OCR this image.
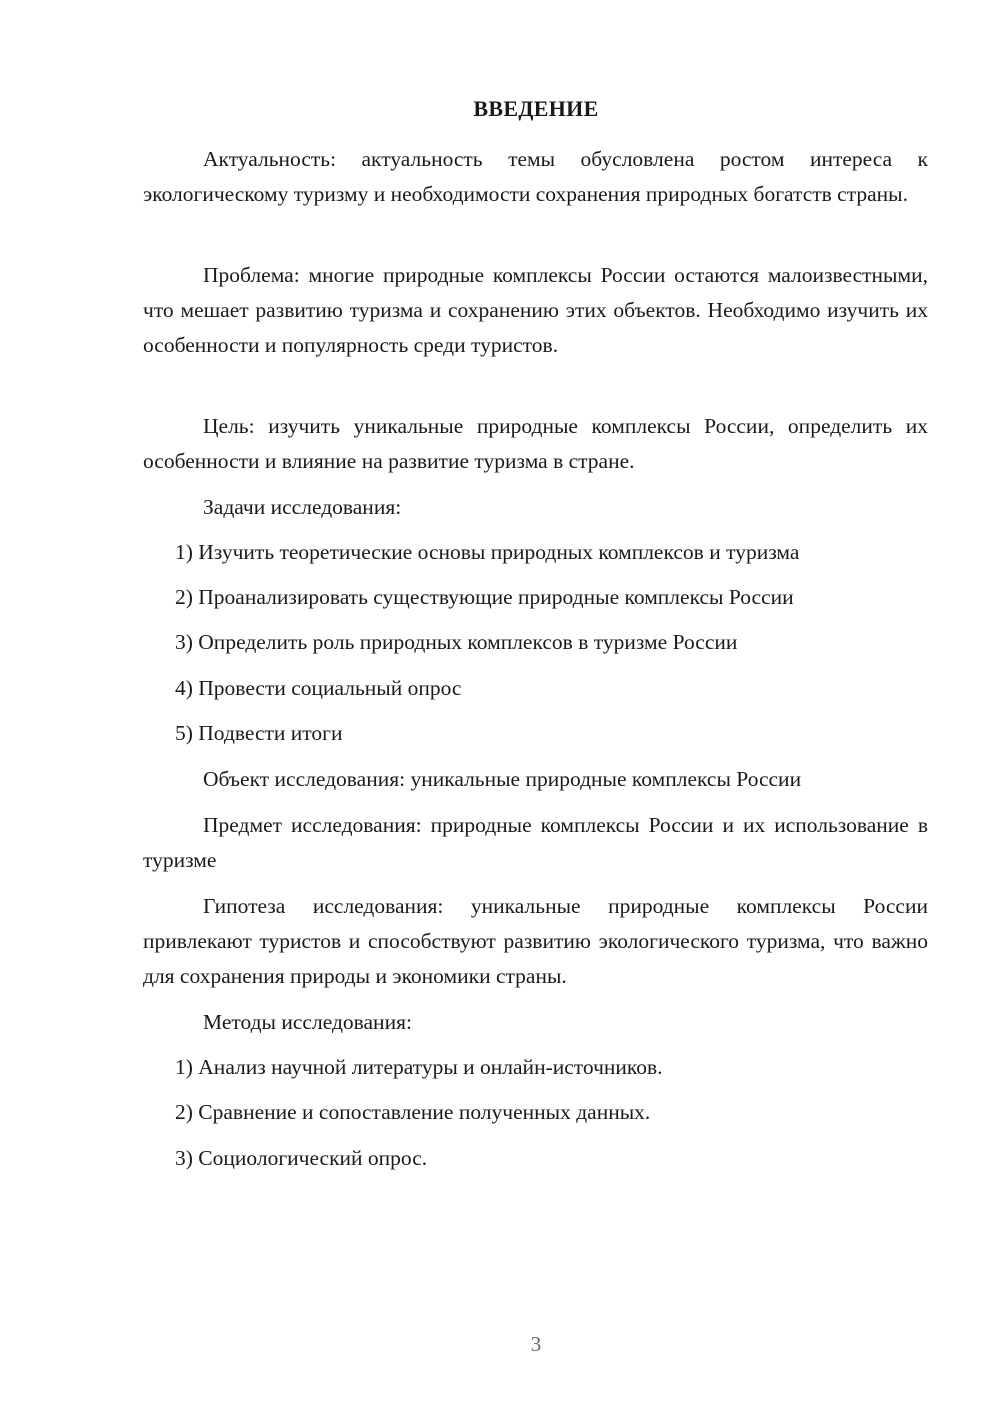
ВВЕДЕНИЕ
Актуальность: актуальность темы обусловлена ростом интереса к экологическому туризму и необходимости сохранения природных богатств страны.
Проблема: многие природные комплексы России остаются малоизвестными, что мешает развитию туризма и сохранению этих объектов. Необходимо изучить их особенности и популярность среди туристов.
Цель: изучить уникальные природные комплексы России, определить их особенности и влияние на развитие туризма в стране.
Задачи исследования:
1) Изучить теоретические основы природных комплексов и туризма
2) Проанализировать существующие природные комплексы России
3) Определить роль природных комплексов в туризме России
4) Провести социальный опрос
5) Подвести итоги
Объект исследования: уникальные природные комплексы России
Предмет исследования: природные комплексы России и их использование в туризме
Гипотеза исследования: уникальные природные комплексы России привлекают туристов и способствуют развитию экологического туризма, что важно для сохранения природы и экономики страны.
Методы исследования:
1) Анализ научной литературы и онлайн-источников.
2) Сравнение и сопоставление полученных данных.
3) Социологический опрос.
3
